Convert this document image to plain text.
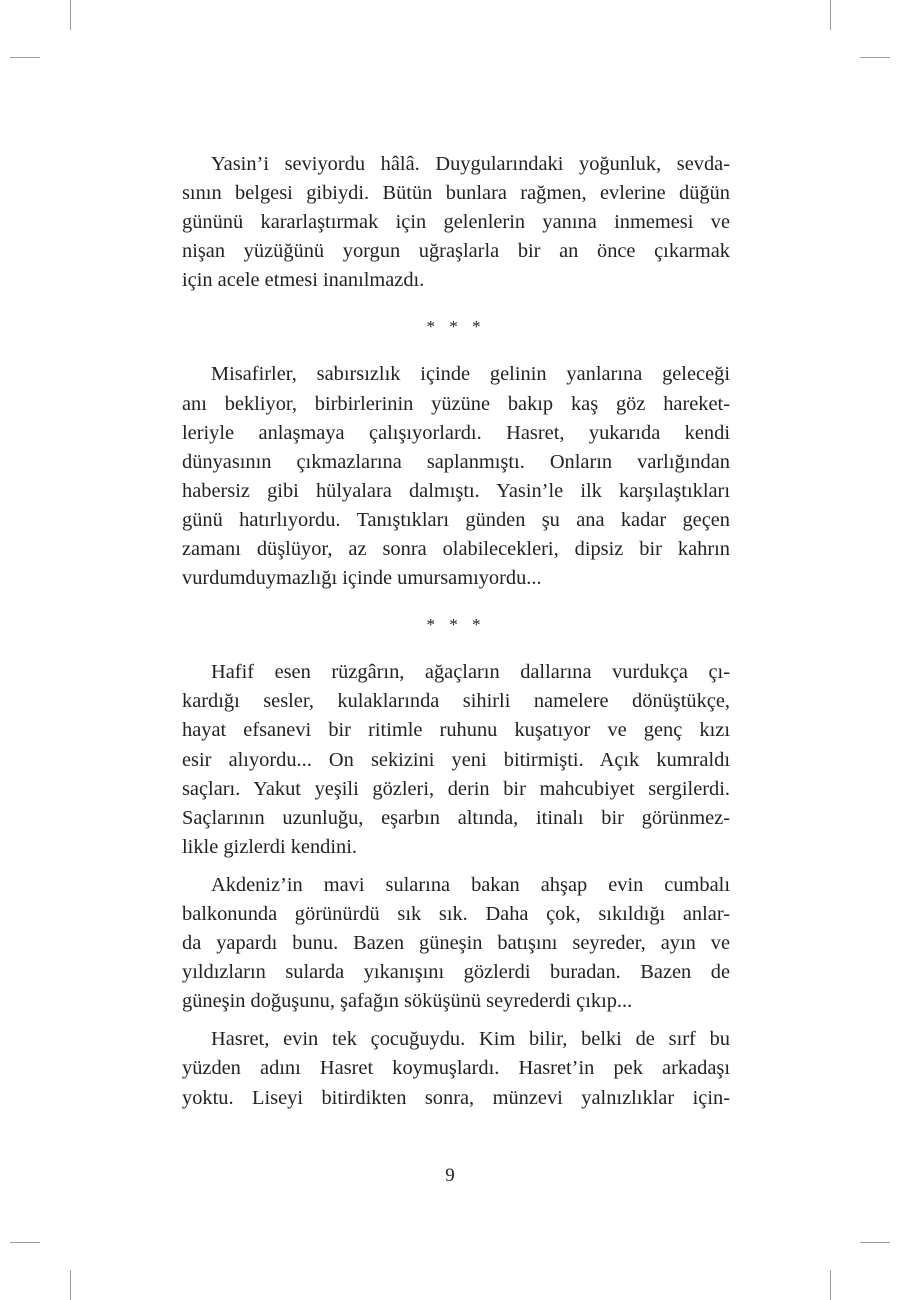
Yasin’i seviyordu hâlâ. Duygularındaki yoğunluk, sevda-
sının belgesi gibiydi. Bütün bunlara rağmen, evlerine düğün
gününü kararlaştırmak için gelenlerin yanına inmemesi ve
nişan yüzüğünü yorgun uğraşlarla bir an önce çıkarmak
için acele etmesi inanılmazdı.
* * *
Misafirler, sabırsızlık içinde gelinin yanlarına geleceği
anı bekliyor, birbirlerinin yüzüne bakıp kaş göz hareket-
leriyle anlaşmaya çalışıyorlardı. Hasret, yukarıda kendi
dünyasının çıkmazlarına saplanmıştı. Onların varlığından
habersiz gibi hülyalara dalmıştı. Yasin’le ilk karşılaştıkları
günü hatırlıyordu. Tanıştıkları günden şu ana kadar geçen
zamanı düşlüyor, az sonra olabilecekleri, dipsiz bir kahrın
vurdumduymazlığı içinde umursamıyordu...
* * *
Hafif esen rüzgârın, ağaçların dallarına vurdukça çı-
kardığı sesler, kulaklarında sihirli namelere dönüştükçe,
hayat efsanevi bir ritimle ruhunu kuşatıyor ve genç kızı
esir alıyordu... On sekizini yeni bitirmişti. Açık kumraldı
saçları. Yakut yeşili gözleri, derin bir mahcubiyet sergilerdi.
Saçlarının uzunluğu, eşarbın altında, itinalı bir görünmez-
likle gizlerdi kendini.
Akdeniz’in mavi sularına bakan ahşap evin cumbalı
balkonunda görünürdü sık sık. Daha çok, sıkıldığı anlar-
da yapardı bunu. Bazen güneşin batışını seyreder, ayın ve
yıldızların sularda yıkanışını gözlerdi buradan. Bazen de
güneşin doğuşunu, şafağın söküşünü seyrederdi çıkıp...
Hasret, evin tek çocuğuydu. Kim bilir, belki de sırf bu
yüzden adını Hasret koymuşlardı. Hasret’in pek arkadaşı
yoktu. Liseyi bitirdikten sonra, münzevi yalnızlıklar için-
9
